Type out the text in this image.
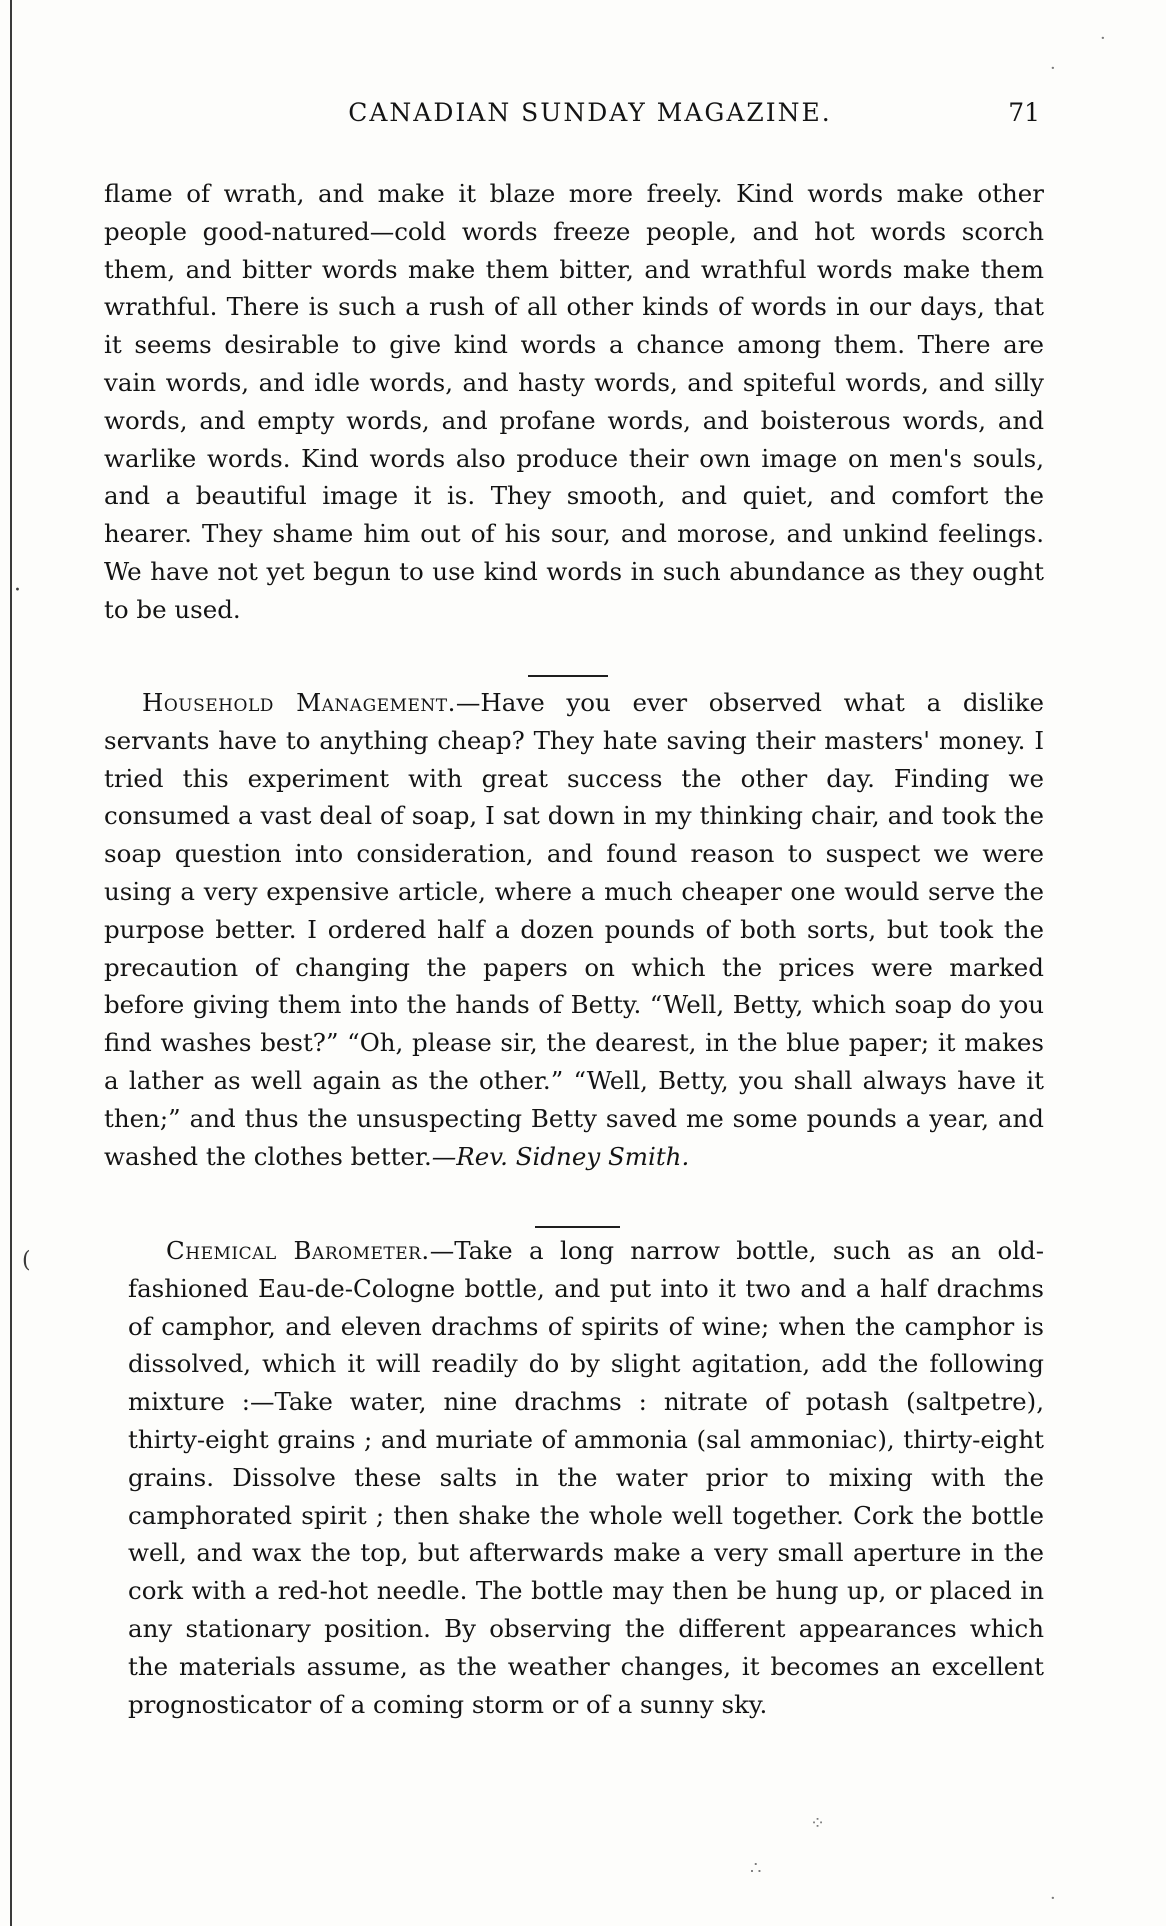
(
·
CANADIAN SUNDAY MAGAZINE.	71

flame of wrath, and make it blaze more freely. Kind words make other people good-natured—cold words freeze people, and hot words scorch them, and bitter words make them bitter, and wrathful words make them wrathful. There is such a rush of all other kinds of words in our days, that it seems desirable to give kind words a chance among them. There are vain words, and idle words, and hasty words, and spiteful words, and silly words, and empty words, and profane words, and boisterous words, and warlike words. Kind words also produce their own image on men's souls, and a beautiful image it is. They smooth, and quiet, and comfort the hearer. They shame him out of his sour, and morose, and unkind feelings. We have not yet begun to use kind words in such abundance as they ought to be used.

Household Management.—Have you ever observed what a dislike servants have to anything cheap? They hate saving their masters' money. I tried this experiment with great success the other day. Finding we consumed a vast deal of soap, I sat down in my thinking chair, and took the soap question into consideration, and found reason to suspect we were using a very expensive article, where a much cheaper one would serve the purpose better. I ordered half a dozen pounds of both sorts, but took the precaution of changing the papers on which the prices were marked before giving them into the hands of Betty. “Well, Betty, which soap do you find washes best?” “Oh, please sir, the dearest, in the blue paper; it makes a lather as well again as the other.” “Well, Betty, you shall always have it then;” and thus the unsuspecting Betty saved me some pounds a year, and washed the clothes better.—Rev. Sidney Smith.

Chemical Barometer.—Take a long narrow bottle, such as an old-fashioned Eau-de-Cologne bottle, and put into it two and a half drachms of camphor, and eleven drachms of spirits of wine; when the camphor is dissolved, which it will readily do by slight agitation, add the following mixture :—Take water, nine drachms : nitrate of potash (saltpetre), thirty-eight grains ; and muriate of ammonia (sal ammoniac), thirty-eight grains. Dissolve these salts in the water prior to mixing with the camphorated spirit ; then shake the whole well together. Cork the bottle well, and wax the top, but afterwards make a very small aperture in the cork with a red-hot needle. The bottle may then be hung up, or placed in any stationary position. By observing the different appearances which the materials assume, as the weather changes, it becomes an excellent prognosticator of a coming storm or of a sunny sky.

·
·
⁘
∴
·
